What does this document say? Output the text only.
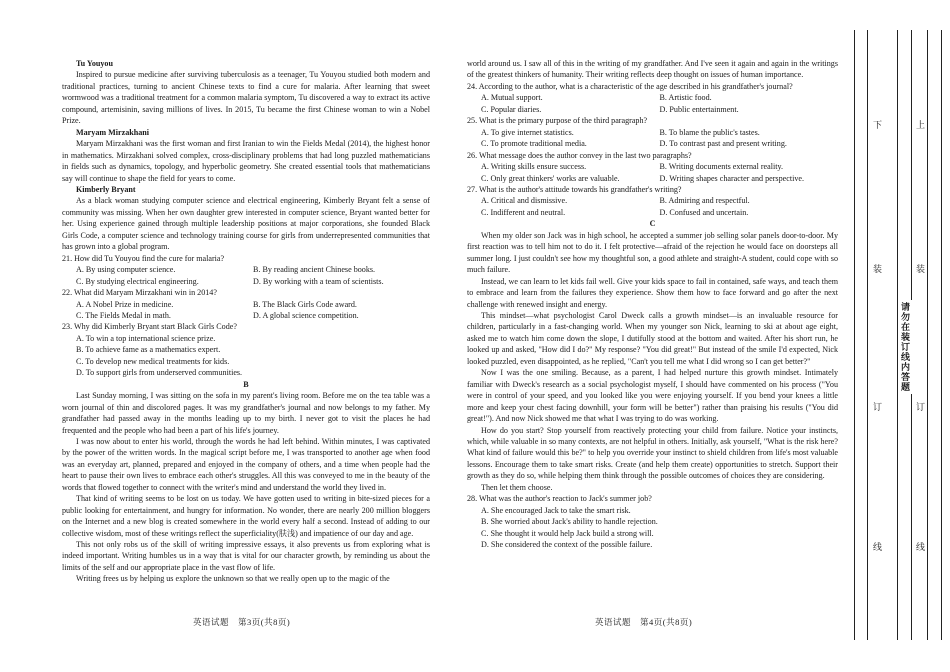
Tu Youyou

Inspired to pursue medicine after surviving tuberculosis as a teenager, Tu Youyou studied both modern and traditional practices, turning to ancient Chinese texts to find a cure for malaria. After learning that sweet wormwood was a traditional treatment for a common malaria symptom, Tu discovered a way to extract its active compound, artemisinin, saving millions of lives. In 2015, Tu became the first Chinese woman to win a Nobel Prize.

Maryam Mirzakhani

Maryam Mirzakhani was the first woman and first Iranian to win the Fields Medal (2014), the highest honor in mathematics. Mirzakhani solved complex, cross-disciplinary problems that had long puzzled mathematicians in fields such as dynamics, topology, and hyperbolic geometry. She created essential tools that mathematicians say will continue to shape the field for years to come.

Kimberly Bryant

As a black woman studying computer science and electrical engineering, Kimberly Bryant felt a sense of community was missing. When her own daughter grew interested in computer science, Bryant wanted better for her. Using experience gained through multiple leadership positions at major corporations, she founded Black Girls Code, a computer science and technology training course for girls from underrepresented communities that has grown into a global program.

21. How did Tu Youyou find the cure for malaria?

A. By using computer science.	B. By reading ancient Chinese books.
C. By studying electrical engineering.	D. By working with a team of scientists.

22. What did Maryam Mirzakhani win in 2014?

A. A Nobel Prize in medicine.	B. The Black Girls Code award.
C. The Fields Medal in math.	D. A global science competition.

23. Why did Kimberly Bryant start Black Girls Code?

A. To win a top international science prize.

B. To achieve fame as a mathematics expert.

C. To develop new medical treatments for kids.

D. To support girls from underserved communities.

B

Last Sunday morning, I was sitting on the sofa in my parent's living room. Before me on the tea table was a worn journal of thin and discolored pages. It was my grandfather's journal and now belongs to my father. My grandfather had passed away in the months leading up to my birth. I never got to visit the places he had frequented and the people who had been a part of his life's journey.

I was now about to enter his world, through the words he had left behind. Within minutes, I was captivated by the power of the written words. In the magical script before me, I was transported to another age when food was an everyday art, planned, prepared and enjoyed in the company of others, and a time when people had the heart to pause their own lives to embrace each other's struggles. All this was conveyed to me in the beauty of the words that flowed together to connect with the writer's mind and understand the world they lived in.

That kind of writing seems to be lost on us today. We have gotten used to writing in bite-sized pieces for a public looking for entertainment, and hungry for information. No wonder, there are nearly 200 million bloggers on the Internet and a new blog is created somewhere in the world every half a second. Instead of adding to our collective wisdom, most of these writings reflect the superficiality(肤浅) and impatience of our day and age.

This not only robs us of the skill of writing impressive essays, it also prevents us from exploring what is indeed important. Writing humbles us in a way that is vital for our character growth, by reminding us about the limits of the self and our appropriate place in the vast flow of life.

Writing frees us by helping us explore the unknown so that we really open up to the magic of the

world around us. I saw all of this in the writing of my grandfather. And I've seen it again and again in the writings of the greatest thinkers of humanity. Their writing reflects deep thought on issues of human importance.

24. According to the author, what is a characteristic of the age described in his grandfather's journal?

A. Mutual support.	B. Artistic food.
C. Popular diaries.	D. Public entertainment.

25. What is the primary purpose of the third paragraph?

A. To give internet statistics.	B. To blame the public's tastes.
C. To promote traditional media.	D. To contrast past and present writing.

26. What message does the author convey in the last two paragraphs?

A. Writing skills ensure success.	B. Writing documents external reality.
C. Only great thinkers' works are valuable.	D. Writing shapes character and perspective.

27. What is the author's attitude towards his grandfather's writing?

A. Critical and dismissive.	B. Admiring and respectful.
C. Indifferent and neutral.	D. Confused and uncertain.

C

When my older son Jack was in high school, he accepted a summer job selling solar panels door-to-door. My first reaction was to tell him not to do it. I felt protective—afraid of the rejection he would face on doorsteps all summer long. I just couldn't see how my thoughtful son, a good athlete and straight-A student, could cope with so much failure.

Instead, we can learn to let kids fail well. Give your kids space to fail in contained, safe ways, and teach them to embrace and learn from the failures they experience. Show them how to face forward and go after the next challenge with renewed insight and energy.

This mindset—what psychologist Carol Dweck calls a growth mindset—is an invaluable resource for children, particularly in a fast-changing world. When my younger son Nick, learning to ski at about age eight, asked me to watch him come down the slope, I dutifully stood at the bottom and waited. After his short run, he looked up and asked, "How did I do?" My response? "You did great!" But instead of the smile I'd expected, Nick looked puzzled, even disappointed, as he replied, "Can't you tell me what I did wrong so I can get better?"

Now I was the one smiling. Because, as a parent, I had helped nurture this growth mindset. Intimately familiar with Dweck's research as a social psychologist myself, I should have commented on his process ("You were in control of your speed, and you looked like you were enjoying yourself. If you bend your knees a little more and keep your chest facing downhill, your form will be better") rather than praising his results ("You did great!"). And now Nick showed me that what I was trying to do was working.

How do you start? Stop yourself from reactively protecting your child from failure. Notice your instincts, which, while valuable in so many contexts, are not helpful in others. Initially, ask yourself, "What is the risk here? What kind of failure would this be?" to help you override your instinct to shield children from life's most valuable lessons. Encourage them to take smart risks. Create (and help them create) opportunities to stretch. Support their growth as they do so, while helping them think through the possible outcomes of choices they are considering.

Then let them choose.

28. What was the author's reaction to Jack's summer job?

A. She encouraged Jack to take the smart risk.

B. She worried about Jack's ability to handle rejection.

C. She thought it would help Jack build a strong will.

D. She considered the context of the possible failure.

英语试题　第3页(共8页)	英语试题　第4页(共8页)
下
装
订
线
请勿在装订线内答题
上
装
订
线
